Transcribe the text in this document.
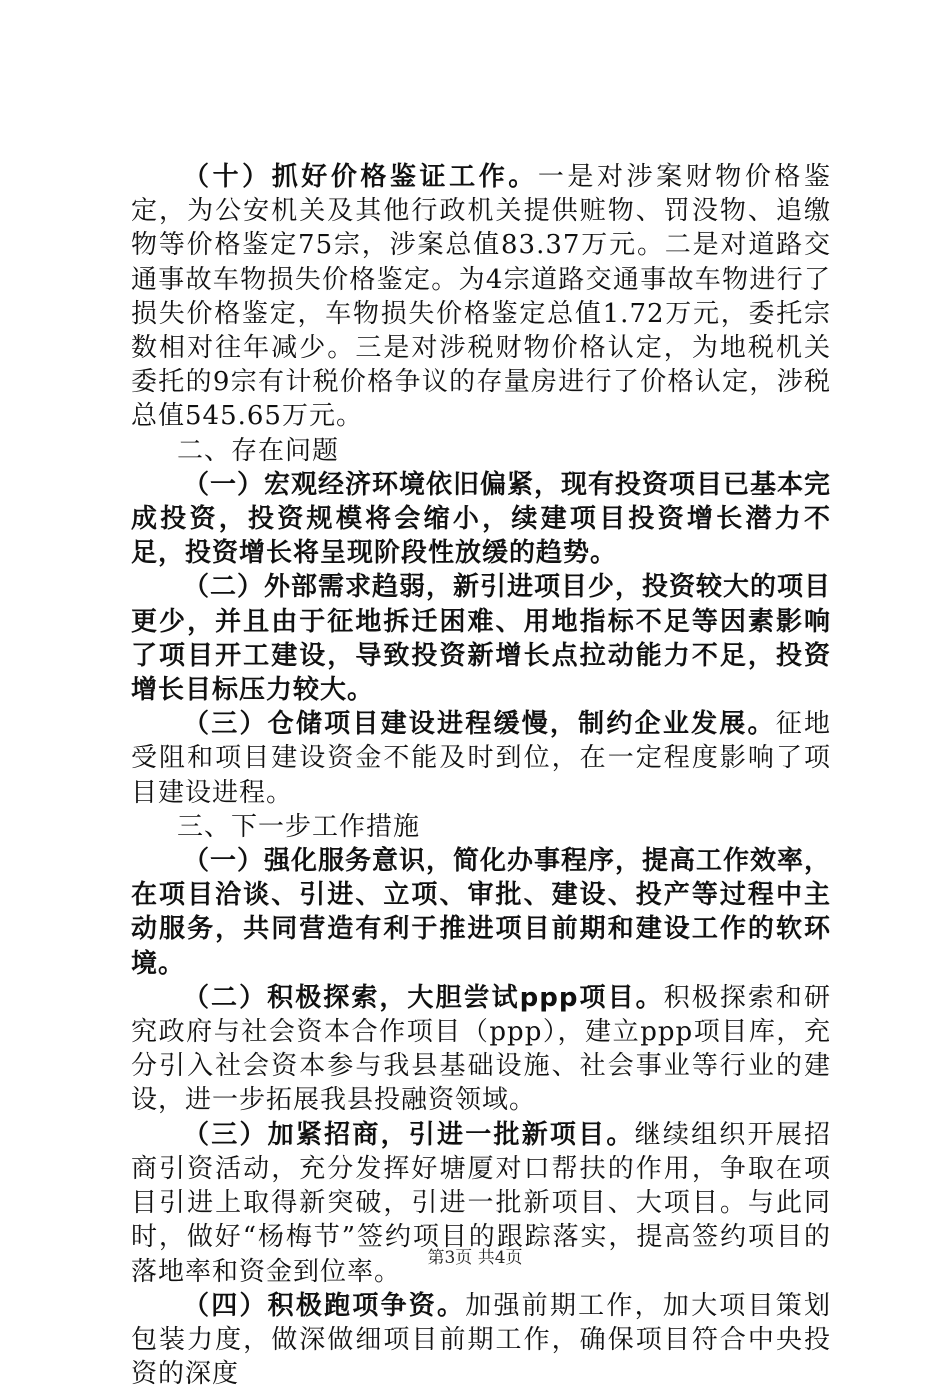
（十）抓好价格鉴证工作。一是对涉案财物价格鉴定，为公安机关及其他行政机关提供赃物、罚没物、追缴物等价格鉴定75宗，涉案总值83.37万元。二是对道路交通事故车物损失价格鉴定。为4宗道路交通事故车物进行了损失价格鉴定，车物损失价格鉴定总值1.72万元，委托宗数相对往年减少。三是对涉税财物价格认定，为地税机关委托的9宗有计税价格争议的存量房进行了价格认定，涉税总值545.65万元。

二、存在问题

（一）宏观经济环境依旧偏紧，现有投资项目已基本完成投资，投资规模将会缩小，续建项目投资增长潜力不足，投资增长将呈现阶段性放缓的趋势。

（二）外部需求趋弱，新引进项目少，投资较大的项目更少，并且由于征地拆迁困难、用地指标不足等因素影响了项目开工建设，导致投资新增长点拉动能力不足，投资增长目标压力较大。

（三）仓储项目建设进程缓慢，制约企业发展。征地受阻和项目建设资金不能及时到位，在一定程度影响了项目建设进程。

三、下一步工作措施

（一）强化服务意识，简化办事程序，提高工作效率，在项目洽谈、引进、立项、审批、建设、投产等过程中主动服务，共同营造有利于推进项目前期和建设工作的软环境。

（二）积极探索，大胆尝试ppp项目。积极探索和研究政府与社会资本合作项目（ppp），建立ppp项目库，充分引入社会资本参与我县基础设施、社会事业等行业的建设，进一步拓展我县投融资领域。

（三）加紧招商，引进一批新项目。继续组织开展招商引资活动，充分发挥好塘厦对口帮扶的作用，争取在项目引进上取得新突破，引进一批新项目、大项目。与此同时，做好“杨梅节”签约项目的跟踪落实，提高签约项目的落地率和资金到位率。

（四）积极跑项争资。加强前期工作，加大项目策划包装力度，做深做细项目前期工作，确保项目符合中央投资的深度

第3页 共4页
